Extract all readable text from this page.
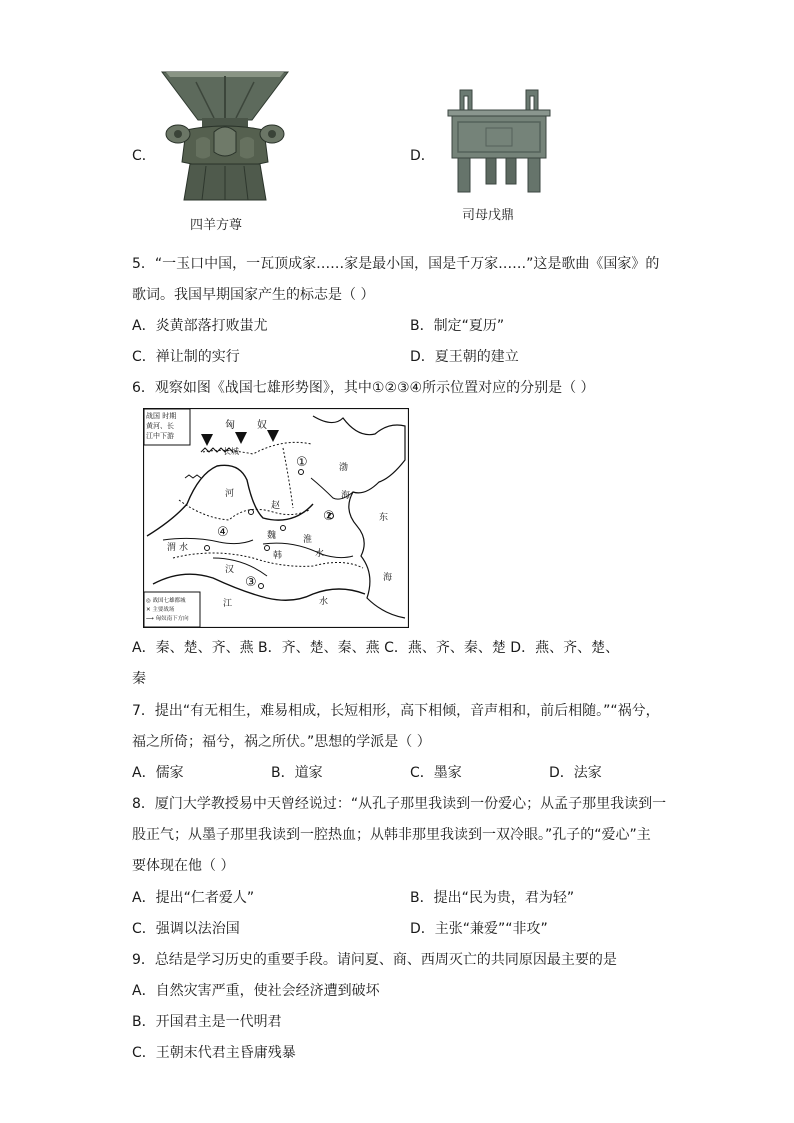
C．
四羊方尊
D．
司母戊鼎
5．“一玉口中国，一瓦顶成家……家是最小国，国是千万家……”这是歌曲《国家》的
歌词。我国早期国家产生的标志是（ ）
A．炎黄部落打败蚩尤	B．制定“夏历”
C．禅让制的实行	D．夏王朝的建立
6．观察如图《战国七雄形势图》，其中①②③④所示位置对应的分别是（ ）
战国 时期 黄河、长 江中下游
◎ 战国七雄都城 ✕ 主要战场 ⟶ 匈奴南下方向
匈 奴
长城
河
赵
魏
韩
渤
海
东
海
渭 水
汉
江
淮
水
水
①
②
③
④
A．秦、楚、齐、燕 B．齐、楚、秦、燕 C．燕、齐、秦、楚 D．燕、齐、楚、
秦
7．提出“有无相生，难易相成，长短相形，高下相倾，音声相和，前后相随。”“祸兮，
福之所倚；福兮，祸之所伏。”思想的学派是（ ）
A．儒家	B．道家	C．墨家	D．法家
8．厦门大学教授易中天曾经说过：“从孔子那里我读到一份爱心；从孟子那里我读到一
股正气；从墨子那里我读到一腔热血；从韩非那里我读到一双冷眼。”孔子的“爱心”主
要体现在他（ ）
A．提出“仁者爱人”	B．提出“民为贵，君为轻”
C．强调以法治国	D．主张“兼爱”“非攻”
9．总结是学习历史的重要手段。请问夏、商、西周灭亡的共同原因最主要的是
A．自然灾害严重，使社会经济遭到破坏
B．开国君主是一代明君
C．王朝末代君主昏庸残暴
